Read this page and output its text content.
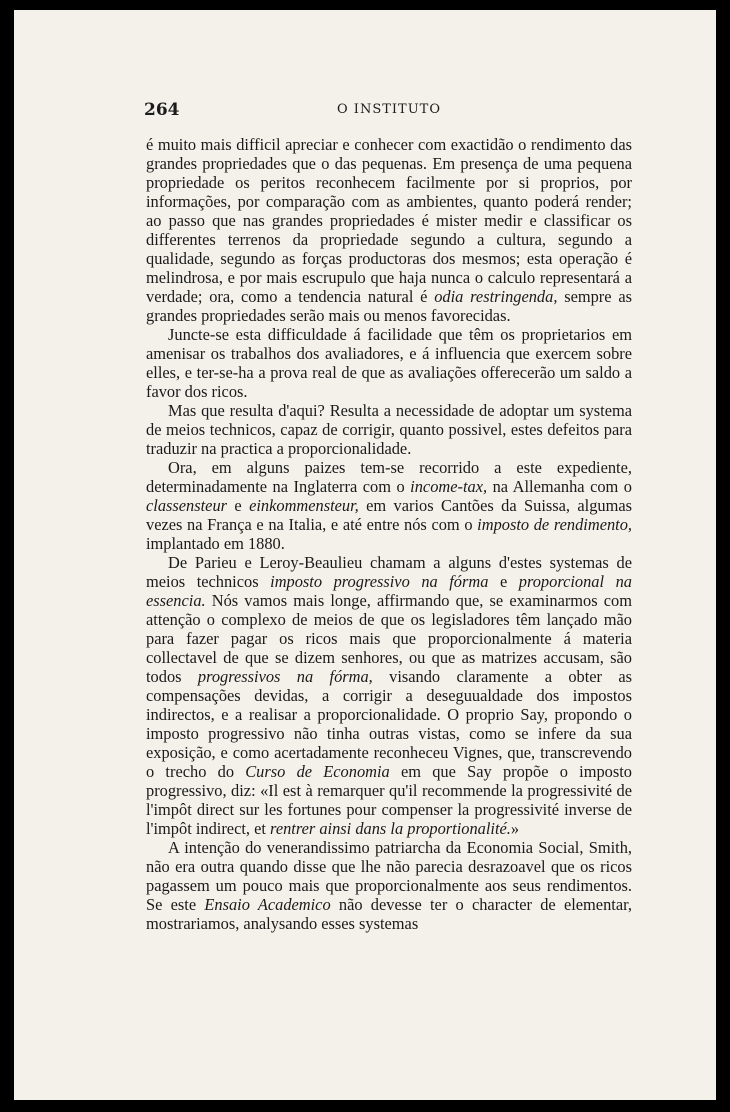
264	O INSTITUTO

é muito mais difficil apreciar e conhecer com exactidão o rendimento das grandes propriedades que o das pequenas. Em presença de uma pequena propriedade os peritos reconhecem facilmente por si proprios, por informações, por comparação com as ambientes, quanto poderá render; ao passo que nas grandes propriedades é mister medir e classificar os differentes terrenos da propriedade segundo a cultura, segundo a qualidade, segundo as forças productoras dos mesmos; esta operação é melindrosa, e por mais escrupulo que haja nunca o calculo representará a verdade; ora, como a tendencia natural é odia restringenda, sempre as grandes propriedades serão mais ou menos favorecidas.

Juncte-se esta difficuldade á facilidade que têm os proprietarios em amenisar os trabalhos dos avaliadores, e á influencia que exercem sobre elles, e ter-se-ha a prova real de que as avaliações offerecerão um saldo a favor dos ricos.

Mas que resulta d'aqui? Resulta a necessidade de adoptar um systema de meios technicos, capaz de corrigir, quanto possivel, estes defeitos para traduzir na practica a proporcionalidade.

Ora, em alguns paizes tem-se recorrido a este expediente, determinadamente na Inglaterra com o income-tax, na Allemanha com o classensteur e einkommensteur, em varios Cantões da Suissa, algumas vezes na França e na Italia, e até entre nós com o imposto de rendimento, implantado em 1880.

De Parieu e Leroy-Beaulieu chamam a alguns d'estes systemas de meios technicos imposto progressivo na fórma e proporcional na essencia. Nós vamos mais longe, affirmando que, se examinarmos com attenção o complexo de meios de que os legisladores têm lançado mão para fazer pagar os ricos mais que proporcionalmente á materia collectavel de que se dizem senhores, ou que as matrizes accusam, são todos progressivos na fórma, visando claramente a obter as compensações devidas, a corrigir a deseguualdade dos impostos indirectos, e a realisar a proporcionalidade. O proprio Say, propondo o imposto progressivo não tinha outras vistas, como se infere da sua exposição, e como acertadamente reconheceu Vignes, que, transcrevendo o trecho do Curso de Economia em que Say propõe o imposto progressivo, diz: «Il est à remarquer qu'il recommende la progressivité de l'impôt direct sur les fortunes pour compenser la progressivité inverse de l'impôt indirect, et rentrer ainsi dans la proportionalité.»

A intenção do venerandissimo patriarcha da Economia Social, Smith, não era outra quando disse que lhe não parecia desrazoavel que os ricos pagassem um pouco mais que proporcionalmente aos seus rendimentos. Se este Ensaio Academico não devesse ter o character de elementar, mostrariamos, analysando esses systemas
